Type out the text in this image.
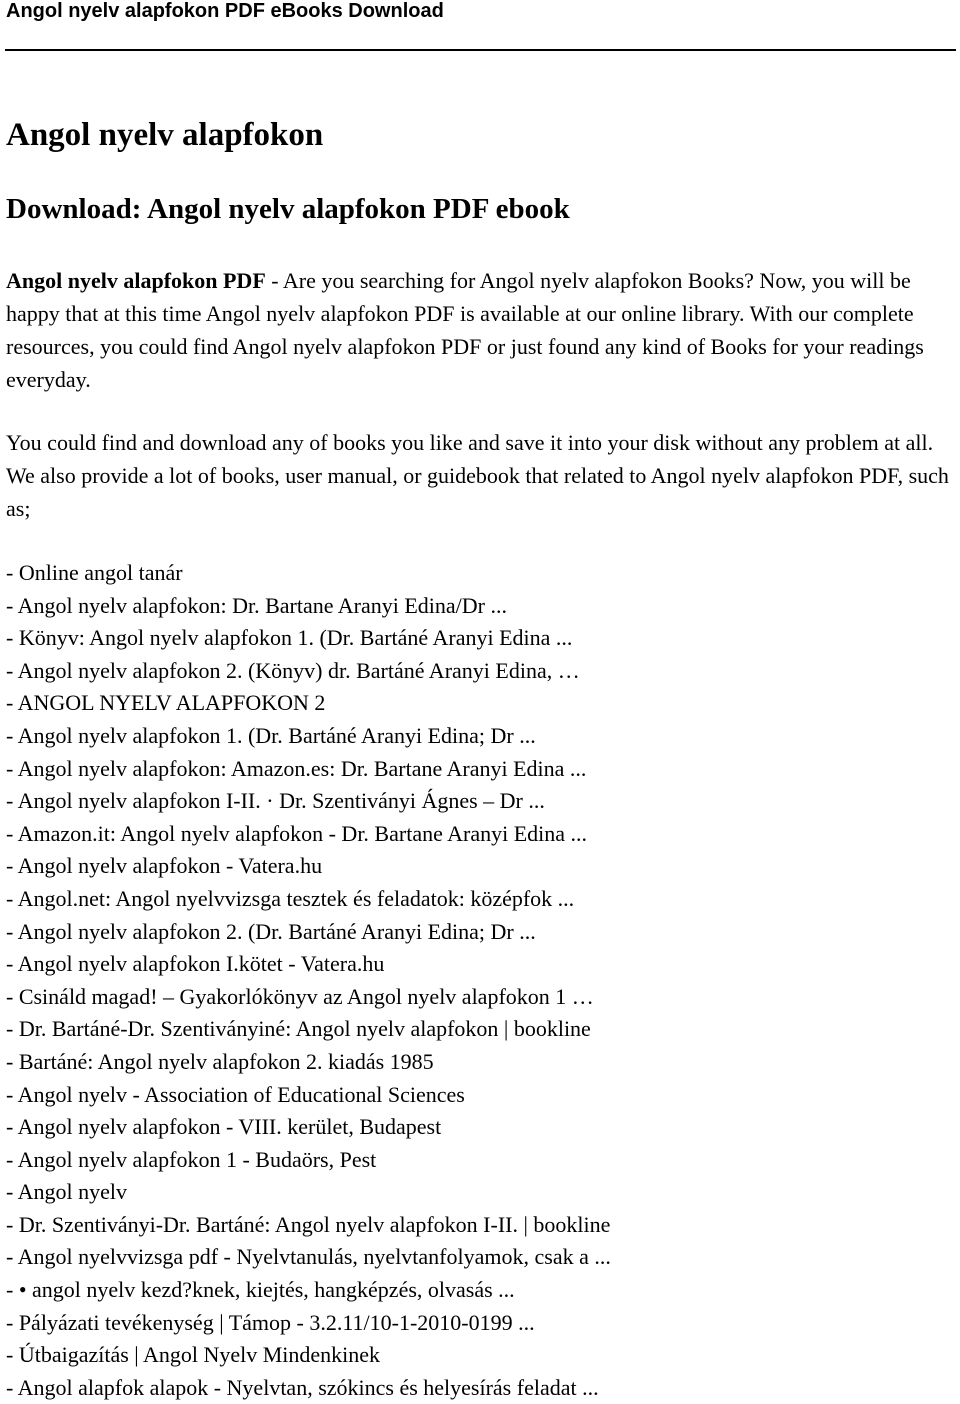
Angol nyelv alapfokon PDF eBooks Download
Angol nyelv alapfokon
Download: Angol nyelv alapfokon PDF ebook

Angol nyelv alapfokon PDF - Are you searching for Angol nyelv alapfokon Books? Now, you will be happy that at this time Angol nyelv alapfokon PDF is available at our online library. With our complete resources, you could find Angol nyelv alapfokon PDF or just found any kind of Books for your readings everyday.

You could find and download any of books you like and save it into your disk without any problem at all. We also provide a lot of books, user manual, or guidebook that related to Angol nyelv alapfokon PDF, such as;

- Online angol tanár
- Angol nyelv alapfokon: Dr. Bartane Aranyi Edina/Dr ...
- Könyv: Angol nyelv alapfokon 1. (Dr. Bartáné Aranyi Edina ...
- Angol nyelv alapfokon 2. (Könyv) dr. Bartáné Aranyi Edina, …
- ANGOL NYELV ALAPFOKON 2
- Angol nyelv alapfokon 1. (Dr. Bartáné Aranyi Edina; Dr ...
- Angol nyelv alapfokon: Amazon.es: Dr. Bartane Aranyi Edina ...
- Angol nyelv alapfokon I-II. · Dr. Szentiványi Ágnes – Dr ...
- Amazon.it: Angol nyelv alapfokon - Dr. Bartane Aranyi Edina ...
- Angol nyelv alapfokon - Vatera.hu
- Angol.net: Angol nyelvvizsga tesztek és feladatok: középfok ...
- Angol nyelv alapfokon 2. (Dr. Bartáné Aranyi Edina; Dr ...
- Angol nyelv alapfokon I.kötet - Vatera.hu
- Csináld magad! – Gyakorlókönyv az Angol nyelv alapfokon 1 …
- Dr. Bartáné-Dr. Szentiványiné: Angol nyelv alapfokon | bookline
- Bartáné: Angol nyelv alapfokon 2. kiadás 1985
- Angol nyelv - Association of Educational Sciences
- Angol nyelv alapfokon - VIII. kerület, Budapest
- Angol nyelv alapfokon 1 - Budaörs, Pest
- Angol nyelv
- Dr. Szentiványi-Dr. Bartáné: Angol nyelv alapfokon I-II. | bookline
- Angol nyelvvizsga pdf - Nyelvtanulás, nyelvtanfolyamok, csak a ...
- • angol nyelv kezd?knek, kiejtés, hangképzés, olvasás ...
- Pályázati tevékenység | Támop - 3.2.11/10-1-2010-0199 ...
- Útbaigazítás | Angol Nyelv Mindenkinek
- Angol alapfok alapok - Nyelvtan, szókincs és helyesírás feladat ...
